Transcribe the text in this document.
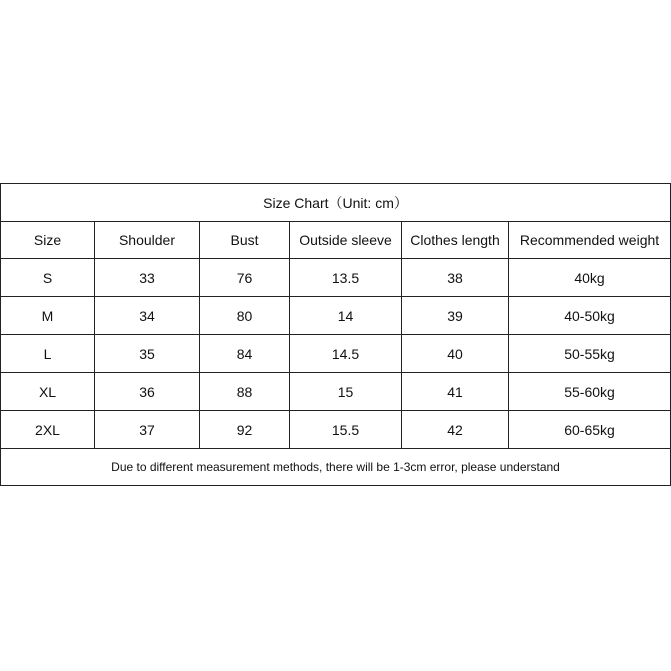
Size Chart（Unit: cm）					
Size	Shoulder	Bust	Outside sleeve	Clothes length	Recommended weight
S	33	76	13.5	38	40kg
M	34	80	14	39	40-50kg
L	35	84	14.5	40	50-55kg
XL	36	88	15	41	55-60kg
2XL	37	92	15.5	42	60-65kg
Due to different measurement methods, there will be 1-3cm error, please understand					
